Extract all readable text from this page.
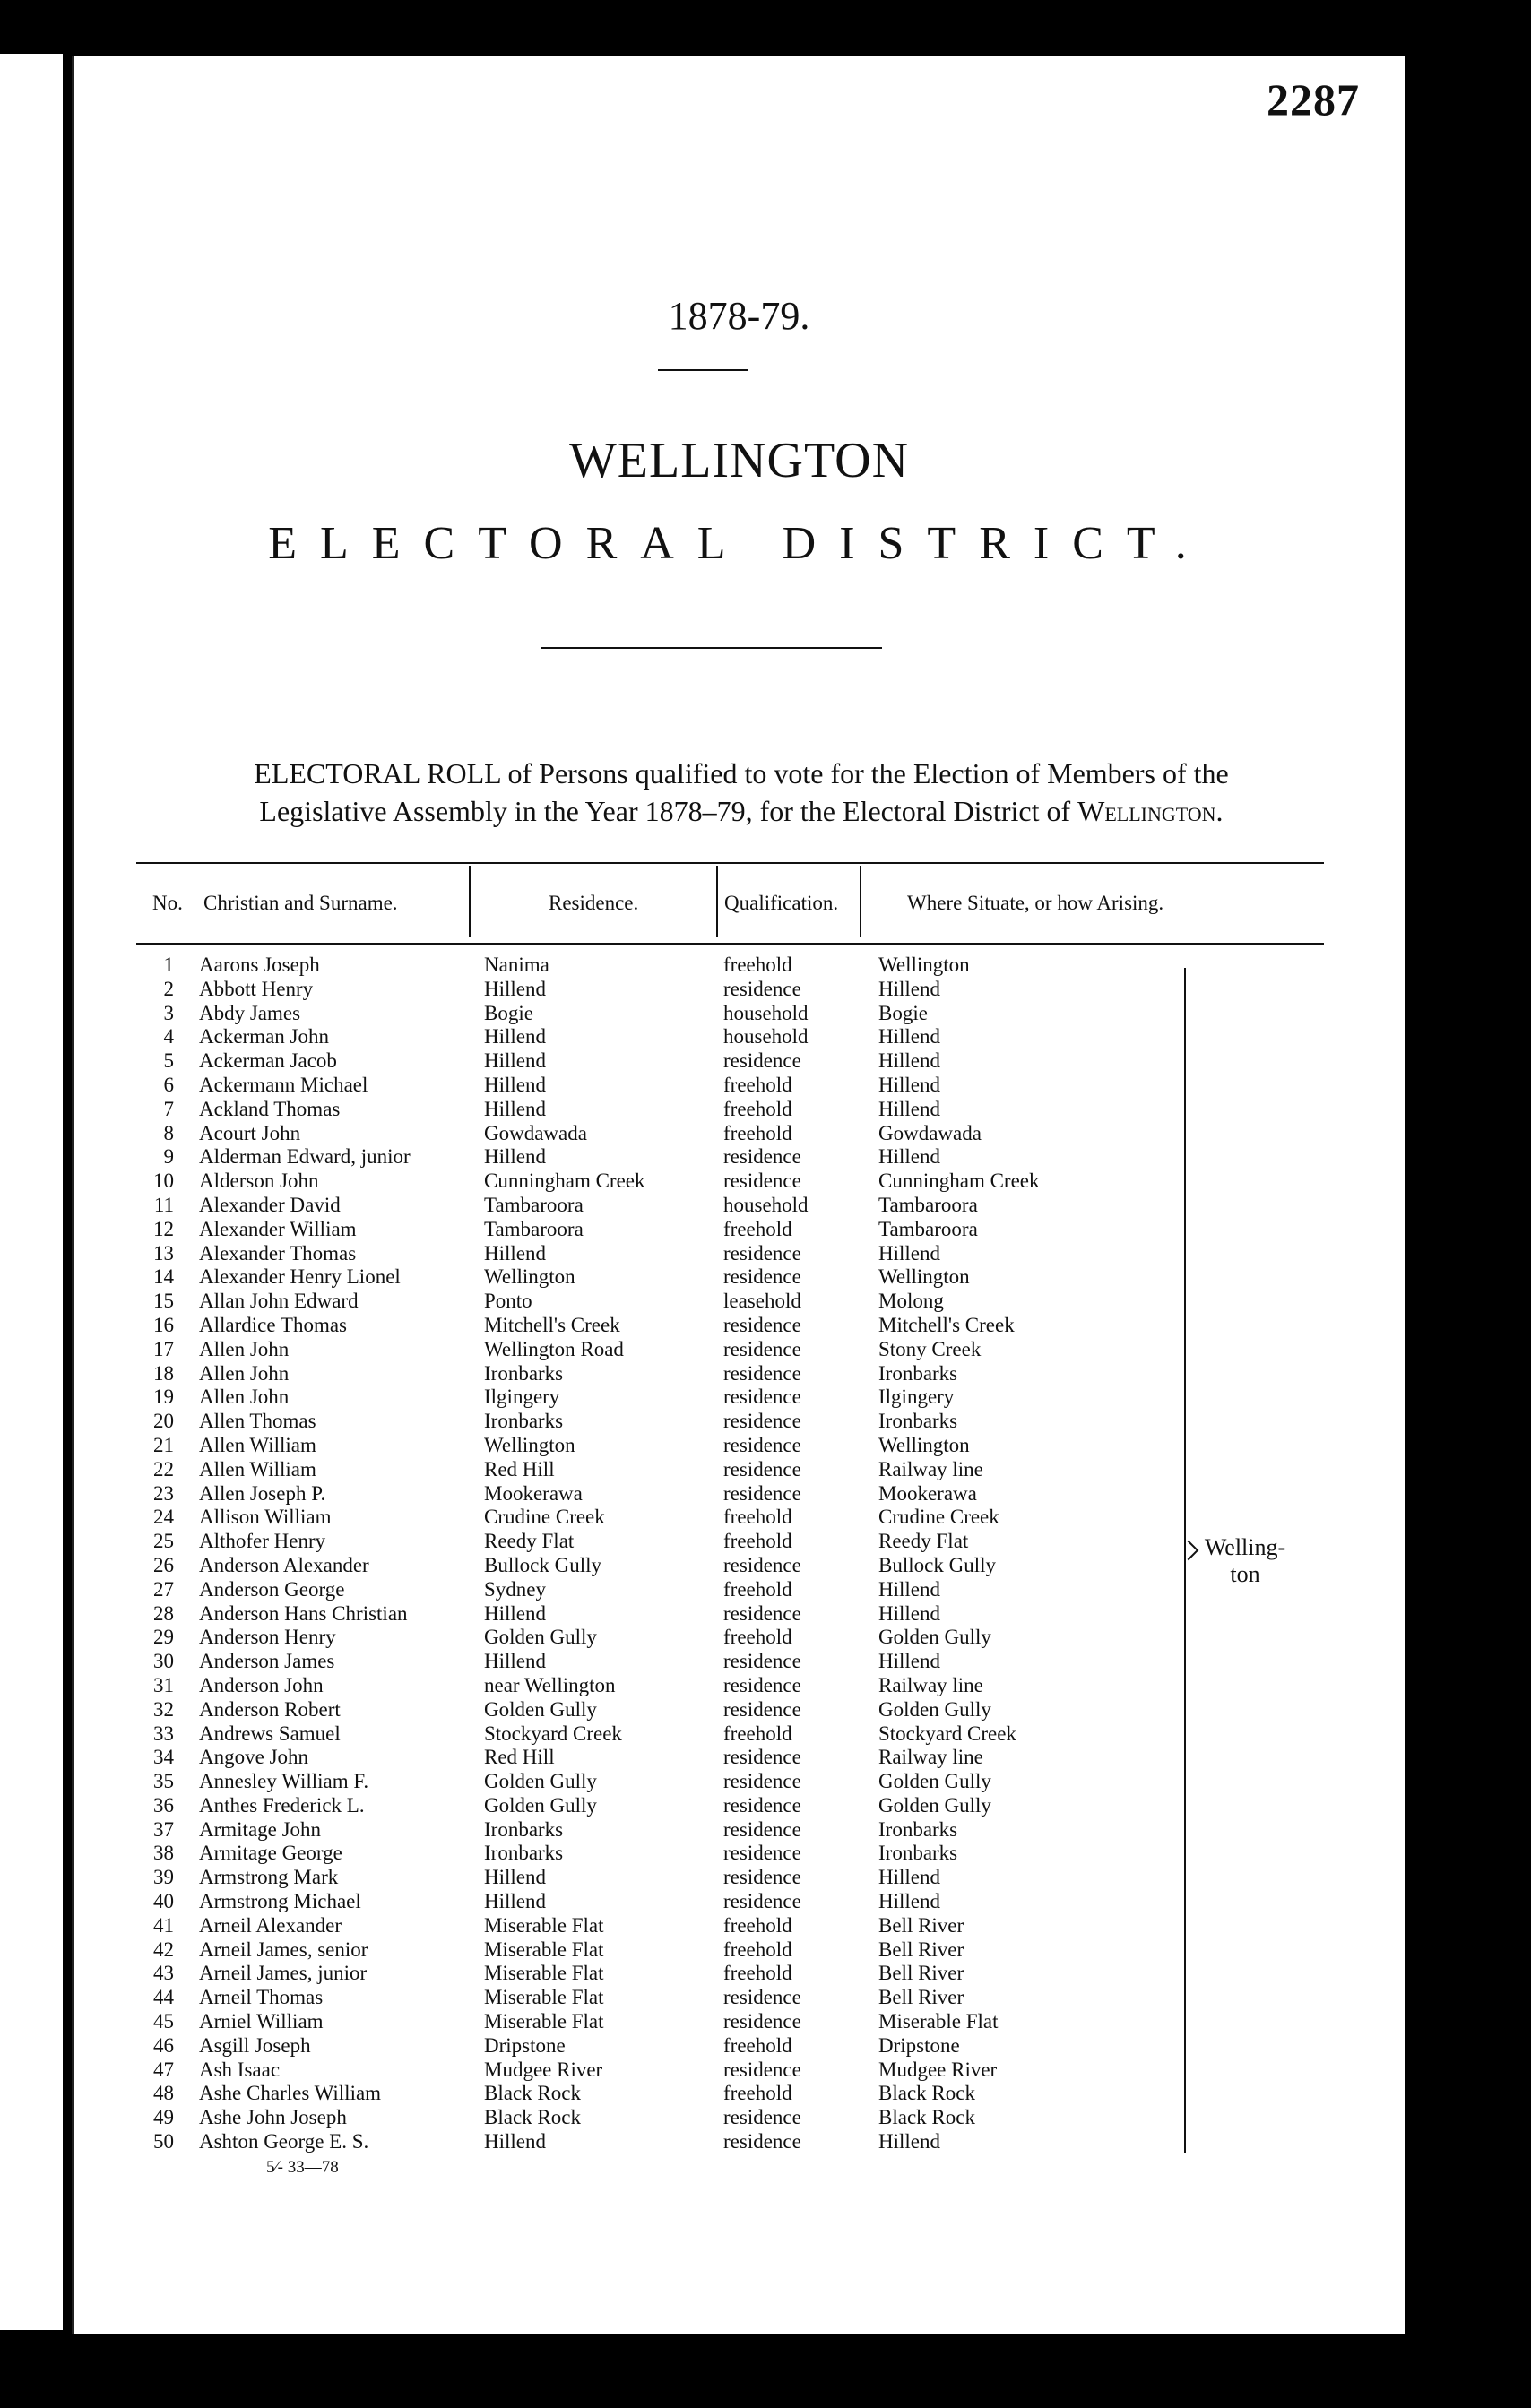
2287
1878-79.
WELLINGTON
ELECTORAL DISTRICT.
ELECTORAL ROLL of Persons qualified to vote for the Election of Members of the
Legislative Assembly in the Year 1878–79, for the Electoral District of Wellington.
No. Christian and Surname.	Residence.	Qualification.	Where Situate, or how Arising.
1 Aarons Joseph	Nanima	freehold	Wellington
2 Abbott Henry	Hillend	residence	Hillend
3 Abdy James	Bogie	household	Bogie
4 Ackerman John	Hillend	household	Hillend
5 Ackerman Jacob	Hillend	residence	Hillend
6 Ackermann Michael	Hillend	freehold	Hillend
7 Ackland Thomas	Hillend	freehold	Hillend
8 Acourt John	Gowdawada	freehold	Gowdawada
9 Alderman Edward, junior	Hillend	residence	Hillend
10 Alderson John	Cunningham Creek	residence	Cunningham Creek
11 Alexander David	Tambaroora	household	Tambaroora
12 Alexander William	Tambaroora	freehold	Tambaroora
13 Alexander Thomas	Hillend	residence	Hillend
14 Alexander Henry Lionel	Wellington	residence	Wellington
15 Allan John Edward	Ponto	leasehold	Molong
16 Allardice Thomas	Mitchell's Creek	residence	Mitchell's Creek
17 Allen John	Wellington Road	residence	Stony Creek
18 Allen John	Ironbarks	residence	Ironbarks
19 Allen John	Ilgingery	residence	Ilgingery
20 Allen Thomas	Ironbarks	residence	Ironbarks
21 Allen William	Wellington	residence	Wellington
22 Allen William	Red Hill	residence	Railway line
23 Allen Joseph P.	Mookerawa	residence	Mookerawa
24 Allison William	Crudine Creek	freehold	Crudine Creek
25 Althofer Henry	Reedy Flat	freehold	Reedy Flat
26 Anderson Alexander	Bullock Gully	residence	Bullock Gully
27 Anderson George	Sydney	freehold	Hillend
28 Anderson Hans Christian	Hillend	residence	Hillend
29 Anderson Henry	Golden Gully	freehold	Golden Gully
30 Anderson James	Hillend	residence	Hillend
31 Anderson John	near Wellington	residence	Railway line
32 Anderson Robert	Golden Gully	residence	Golden Gully
33 Andrews Samuel	Stockyard Creek	freehold	Stockyard Creek
34 Angove John	Red Hill	residence	Railway line
35 Annesley William F.	Golden Gully	residence	Golden Gully
36 Anthes Frederick L.	Golden Gully	residence	Golden Gully
37 Armitage John	Ironbarks	residence	Ironbarks
38 Armitage George	Ironbarks	residence	Ironbarks
39 Armstrong Mark	Hillend	residence	Hillend
40 Armstrong Michael	Hillend	residence	Hillend
41 Arneil Alexander	Miserable Flat	freehold	Bell River
42 Arneil James, senior	Miserable Flat	freehold	Bell River
43 Arneil James, junior	Miserable Flat	freehold	Bell River
44 Arneil Thomas	Miserable Flat	residence	Bell River
45 Arniel William	Miserable Flat	residence	Miserable Flat
46 Asgill Joseph	Dripstone	freehold	Dripstone
47 Ash Isaac	Mudgee River	residence	Mudgee River
48 Ashe Charles William	Black Rock	freehold	Black Rock
49 Ashe John Joseph	Black Rock	residence	Black Rock
50 Ashton George E. S.	Hillend	residence	Hillend
Welling-
ton
5⁄- 33—78
